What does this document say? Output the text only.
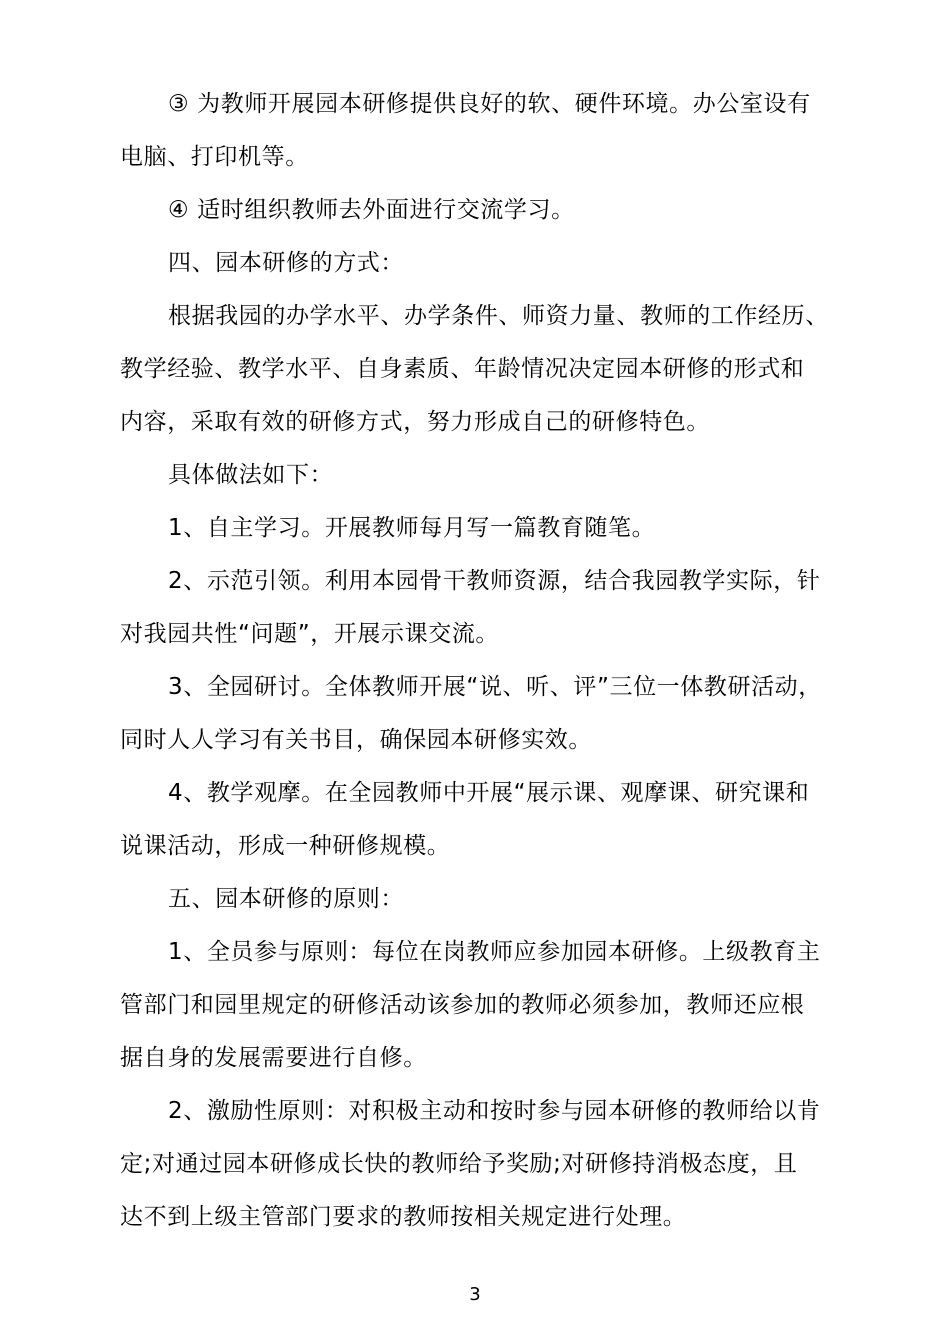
③ 为教师开展园本研修提供良好的软、硬件环境。办公室设有
电脑、打印机等。
④ 适时组织教师去外面进行交流学习。
四、园本研修的方式：
根据我园的办学水平、办学条件、师资力量、教师的工作经历、
教学经验、教学水平、自身素质、年龄情况决定园本研修的形式和
内容，采取有效的研修方式，努力形成自己的研修特色。
具体做法如下：
1、自主学习。开展教师每月写一篇教育随笔。
2、示范引领。利用本园骨干教师资源，结合我园教学实际，针
对我园共性“问题”，开展示课交流。
3、全园研讨。全体教师开展“说、听、评”三位一体教研活动，
同时人人学习有关书目，确保园本研修实效。
4、教学观摩。在全园教师中开展“展示课、观摩课、研究课和
说课活动，形成一种研修规模。
五、园本研修的原则：
1、全员参与原则：每位在岗教师应参加园本研修。上级教育主
管部门和园里规定的研修活动该参加的教师必须参加，教师还应根
据自身的发展需要进行自修。
2、激励性原则：对积极主动和按时参与园本研修的教师给以肯
定;对通过园本研修成长快的教师给予奖励;对研修持消极态度，且
达不到上级主管部门要求的教师按相关规定进行处理。
3
